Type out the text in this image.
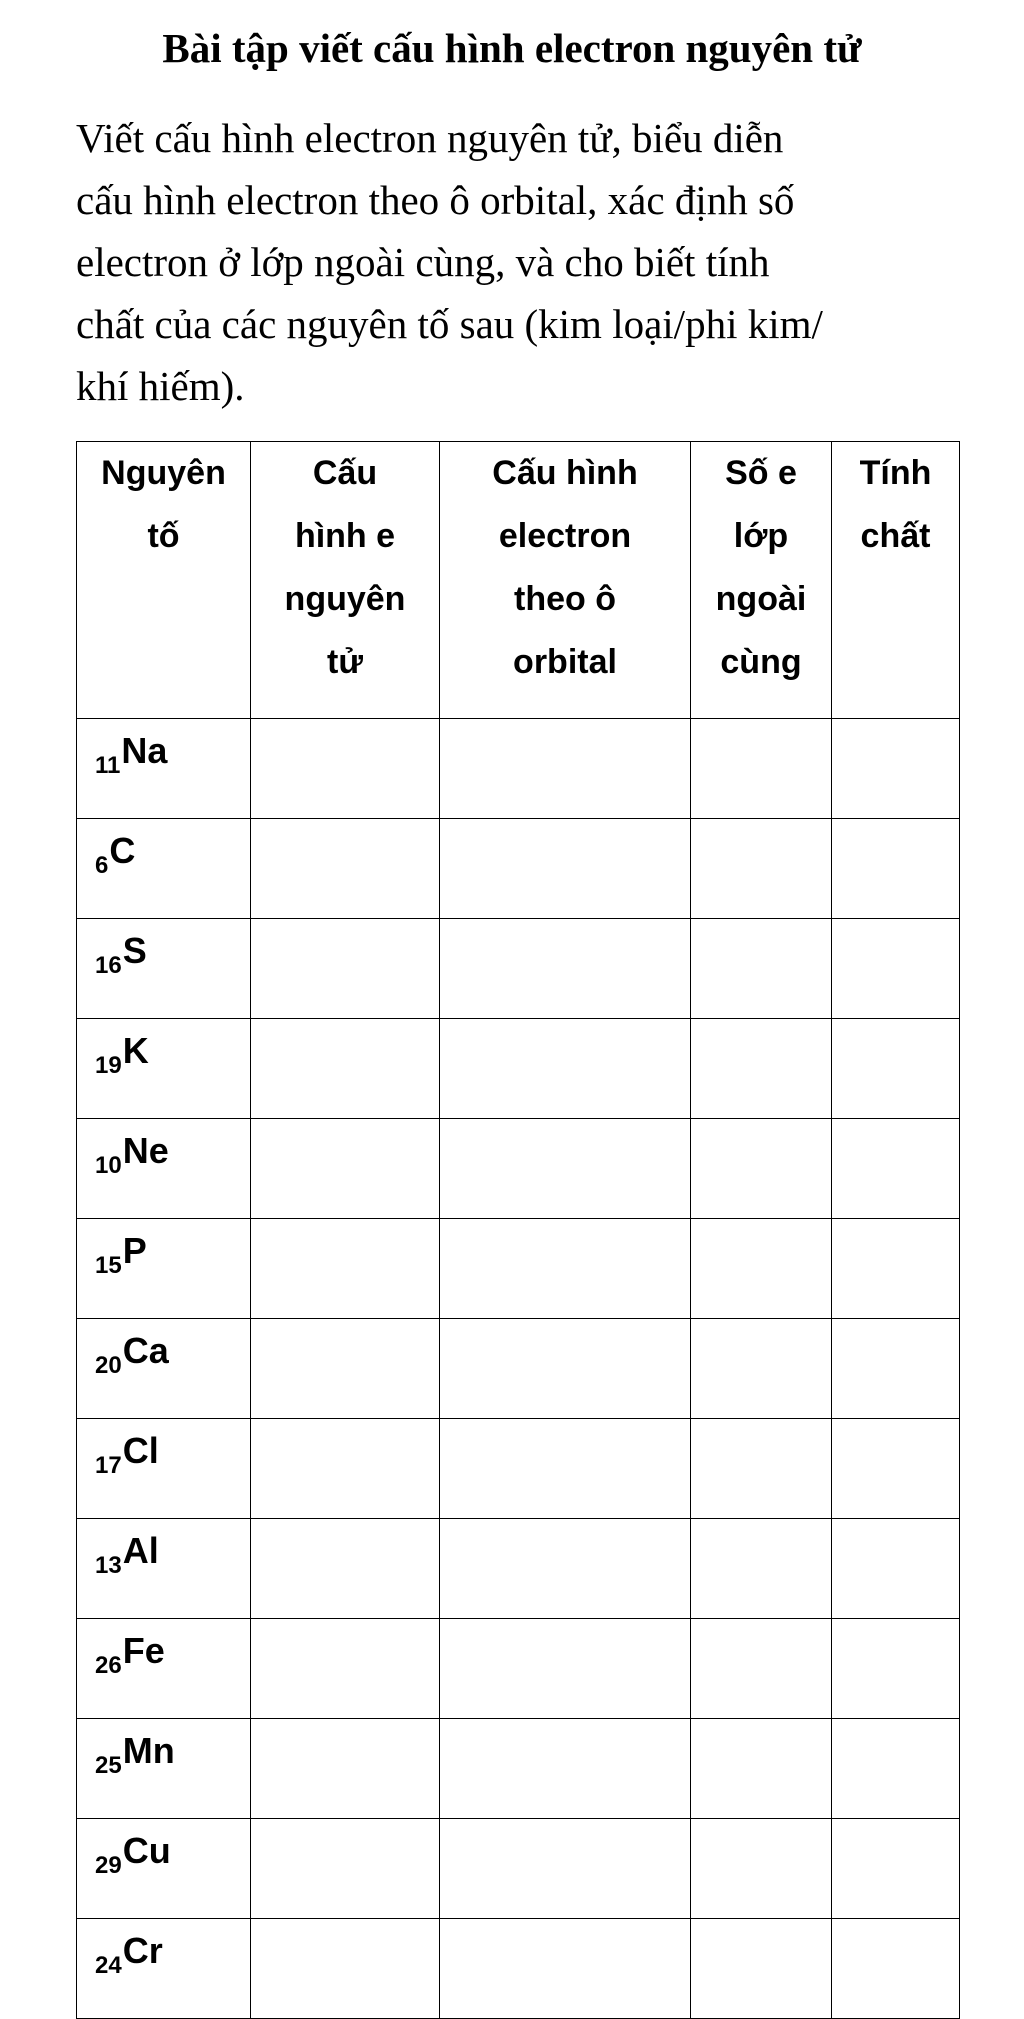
Bài tập viết cấu hình electron nguyên tử

Viết cấu hình electron nguyên tử, biểu diễn
cấu hình electron theo ô orbital, xác định số
electron ở lớp ngoài cùng, và cho biết tính
chất của các nguyên tố sau (kim loại/phi kim/
khí hiếm).

Nguyên
tố	Cấu
hình e
nguyên
tử	Cấu hình
electron
theo ô
orbital	Số e
lớp
ngoài
cùng	Tính
chất

$_{11}$Na				
$_6$C				
$_{16}$S				
$_{19}$K				
$_{10}$Ne				
$_{15}$P				
$_{20}$Ca				
$_{17}$Cl				
$_{13}$Al				
$_{26}$Fe				
$_{25}$Mn				
$_{29}$Cu				
$_{24}$Cr				
